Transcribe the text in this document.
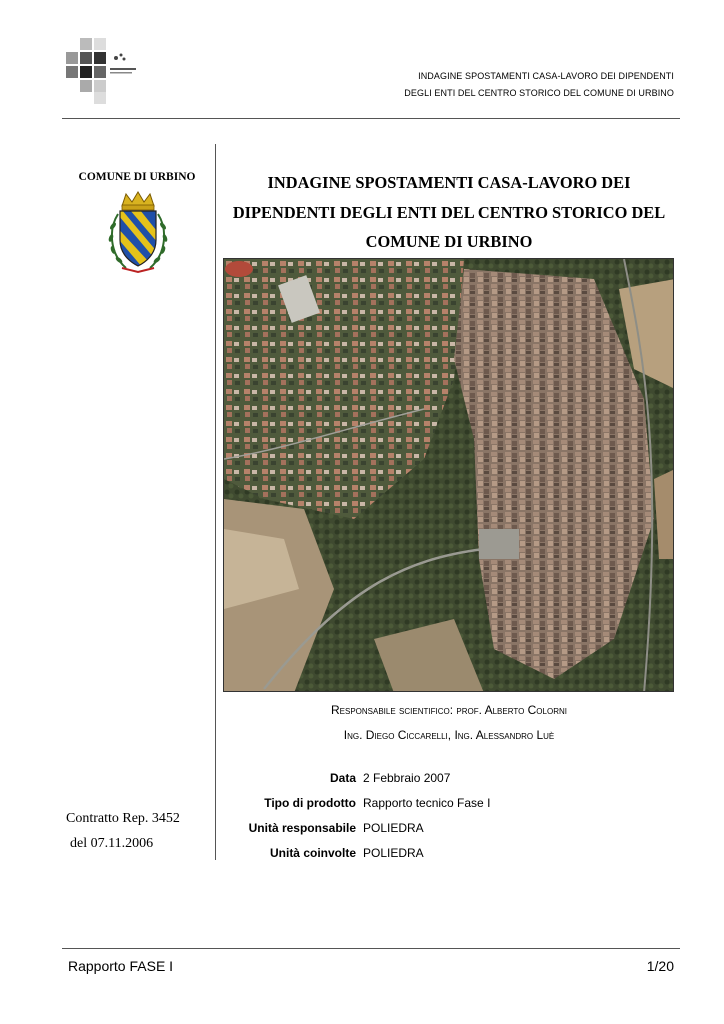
INDAGINE SPOSTAMENTI CASA-LAVORO DEI DIPENDENTI
DEGLI ENTI DEL CENTRO STORICO DEL COMUNE DI URBINO
COMUNE DI URBINO	INDAGINE SPOSTAMENTI CASA-LAVORO DEI
DIPENDENTI DEGLI ENTI DEL CENTRO STORICO DEL
COMUNE DI URBINO
Responsabile scientifico: prof. Alberto Colorni
Ing. Diego Ciccarelli, Ing. Alessandro Luè
Data 2 Febbraio 2007
Tipo di prodotto Rapporto tecnico Fase I
Unità responsabile POLIEDRA
Unità coinvolte POLIEDRA
Contratto Rep. 3452
del 07.11.2006
Rapporto FASE I	1/20
